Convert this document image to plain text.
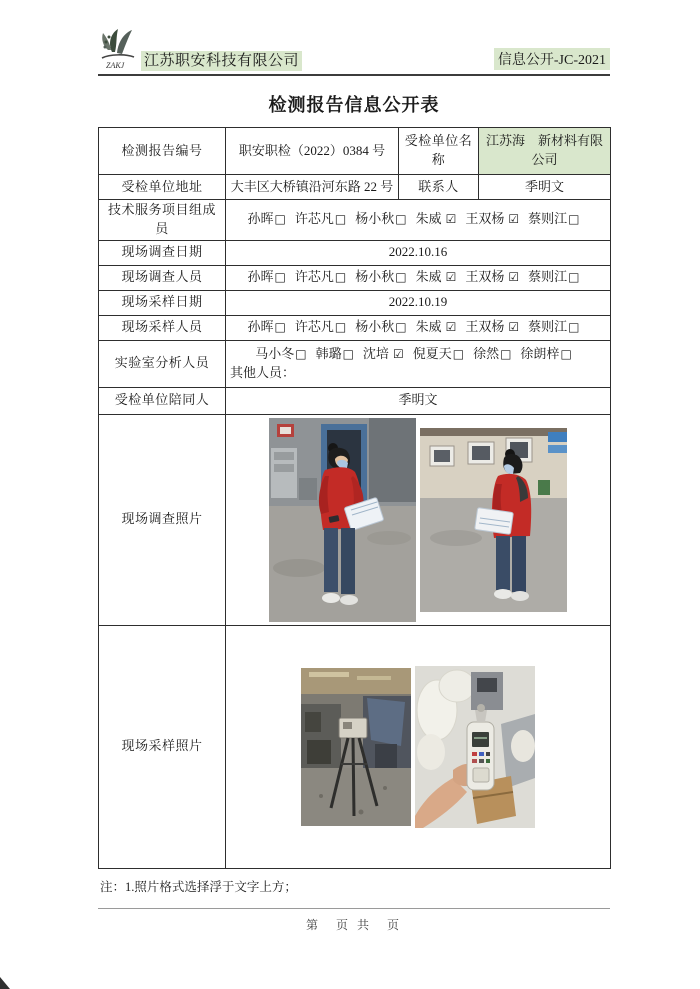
ZAKJ 江苏职安科技有限公司	信息公开-JC-2021
检测报告信息公开表
检测报告编号	职安职检（2022）0384 号	受检单位名称	江苏海　新材料有限公司
受检单位地址	大丰区大桥镇沿河东路 22 号	联系人	季明文
技术服务项目组成员	孙晖□ 许芯凡□ 杨小秋□ 朱威 ☑ 王双杨 ☑ 蔡则江□		
现场调查日期	2022.10.16		
现场调查人员	孙晖□ 许芯凡□ 杨小秋□ 朱威 ☑ 王双杨 ☑ 蔡则江□		
现场采样日期	2022.10.19		
现场采样人员	孙晖□ 许芯凡□ 杨小秋□ 朱威 ☑ 王双杨 ☑ 蔡则江□		
实验室分析人员	马小冬□ 韩璐□ 沈培 ☑ 倪夏天□ 徐然□ 徐朗梓□
其他人员：		

受检单位陪同人	季明文		
现场调查照片	

现场采样照片	
注：1.照片格式选择浮于文字上方；
第　页 共　页
